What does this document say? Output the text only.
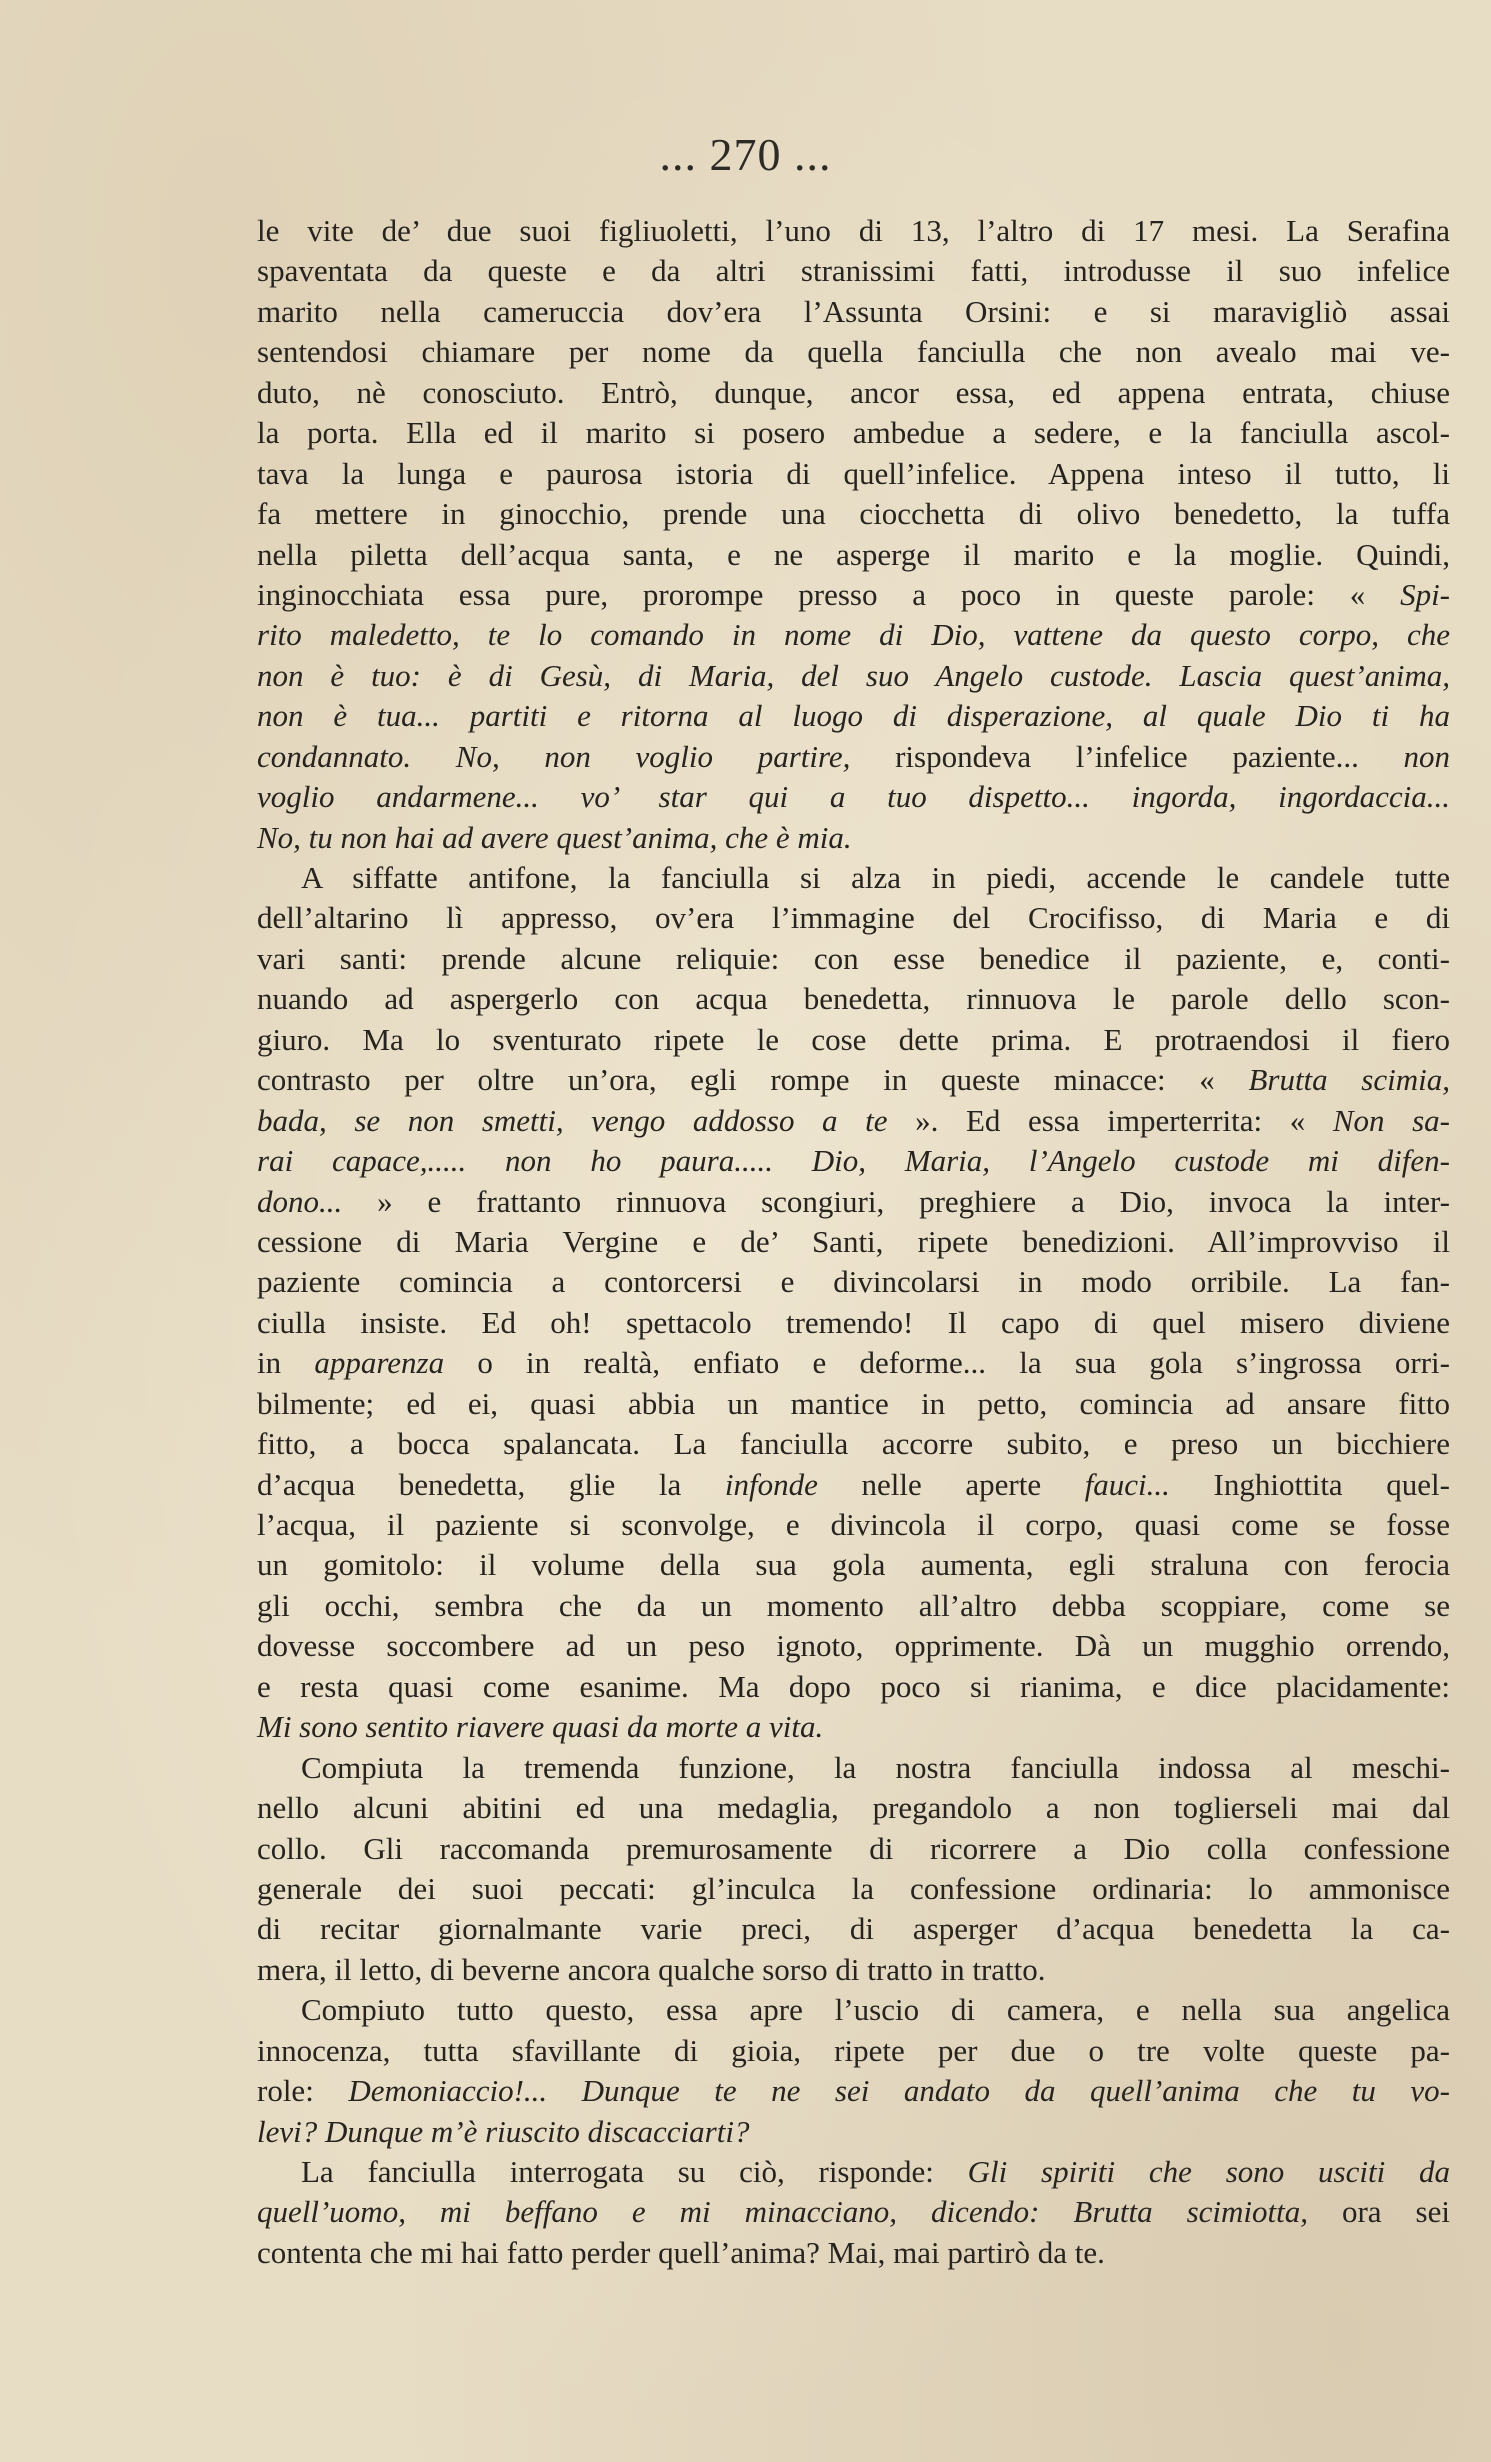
... 270 ...
le vite de’ due suoi figliuoletti, l’uno di 13, l’altro di 17 mesi. La Serafina
spaventata da queste e da altri stranissimi fatti, introdusse il suo infelice
marito nella cameruccia dov’era l’Assunta Orsini: e si maravigliò assai
sentendosi chiamare per nome da quella fanciulla che non avealo mai ve-
duto, nè conosciuto. Entrò, dunque, ancor essa, ed appena entrata, chiuse
la porta. Ella ed il marito si posero ambedue a sedere, e la fanciulla ascol-
tava la lunga e paurosa istoria di quell’infelice. Appena inteso il tutto, li
fa mettere in ginocchio, prende una ciocchetta di olivo benedetto, la tuffa
nella piletta dell’acqua santa, e ne asperge il marito e la moglie. Quindi,
inginocchiata essa pure, prorompe presso a poco in queste parole: « Spi-
rito maledetto, te lo comando in nome di Dio, vattene da questo corpo, che
non è tuo: è di Gesù, di Maria, del suo Angelo custode. Lascia quest’anima,
non è tua... partiti e ritorna al luogo di disperazione, al quale Dio ti ha
condannato. No, non voglio partire, rispondeva l’infelice paziente... non
voglio andarmene... vo’ star qui a tuo dispetto... ingorda, ingordaccia...
No, tu non hai ad avere quest’anima, che è mia.
A siffatte antifone, la fanciulla si alza in piedi, accende le candele tutte
dell’altarino lì appresso, ov’era l’immagine del Crocifisso, di Maria e di
vari santi: prende alcune reliquie: con esse benedice il paziente, e, conti-
nuando ad aspergerlo con acqua benedetta, rinnuova le parole dello scon-
giuro. Ma lo sventurato ripete le cose dette prima. E protraendosi il fiero
contrasto per oltre un’ora, egli rompe in queste minacce: « Brutta scimia,
bada, se non smetti, vengo addosso a te ». Ed essa imperterrita: « Non sa-
rai capace,..... non ho paura..... Dio, Maria, l’Angelo custode mi difen-
dono... » e frattanto rinnuova scongiuri, preghiere a Dio, invoca la inter-
cessione di Maria Vergine e de’ Santi, ripete benedizioni. All’improvviso il
paziente comincia a contorcersi e divincolarsi in modo orribile. La fan-
ciulla insiste. Ed oh! spettacolo tremendo! Il capo di quel misero diviene
in apparenza o in realtà, enfiato e deforme... la sua gola s’ingrossa orri-
bilmente; ed ei, quasi abbia un mantice in petto, comincia ad ansare fitto
fitto, a bocca spalancata. La fanciulla accorre subito, e preso un bicchiere
d’acqua benedetta, glie la infonde nelle aperte fauci... Inghiottita quel-
l’acqua, il paziente si sconvolge, e divincola il corpo, quasi come se fosse
un gomitolo: il volume della sua gola aumenta, egli straluna con ferocia
gli occhi, sembra che da un momento all’altro debba scoppiare, come se
dovesse soccombere ad un peso ignoto, opprimente. Dà un mugghio orrendo,
e resta quasi come esanime. Ma dopo poco si rianima, e dice placidamente:
Mi sono sentito riavere quasi da morte a vita.
Compiuta la tremenda funzione, la nostra fanciulla indossa al meschi-
nello alcuni abitini ed una medaglia, pregandolo a non toglierseli mai dal
collo. Gli raccomanda premurosamente di ricorrere a Dio colla confessione
generale dei suoi peccati: gl’inculca la confessione ordinaria: lo ammonisce
di recitar giornalmante varie preci, di asperger d’acqua benedetta la ca-
mera, il letto, di beverne ancora qualche sorso di tratto in tratto.
Compiuto tutto questo, essa apre l’uscio di camera, e nella sua angelica
innocenza, tutta sfavillante di gioia, ripete per due o tre volte queste pa-
role: Demoniaccio!... Dunque te ne sei andato da quell’anima che tu vo-
levi? Dunque m’è riuscito discacciarti?
La fanciulla interrogata su ciò, risponde: Gli spiriti che sono usciti da
quell’uomo, mi beffano e mi minacciano, dicendo: Brutta scimiotta, ora sei
contenta che mi hai fatto perder quell’anima? Mai, mai partirò da te.
